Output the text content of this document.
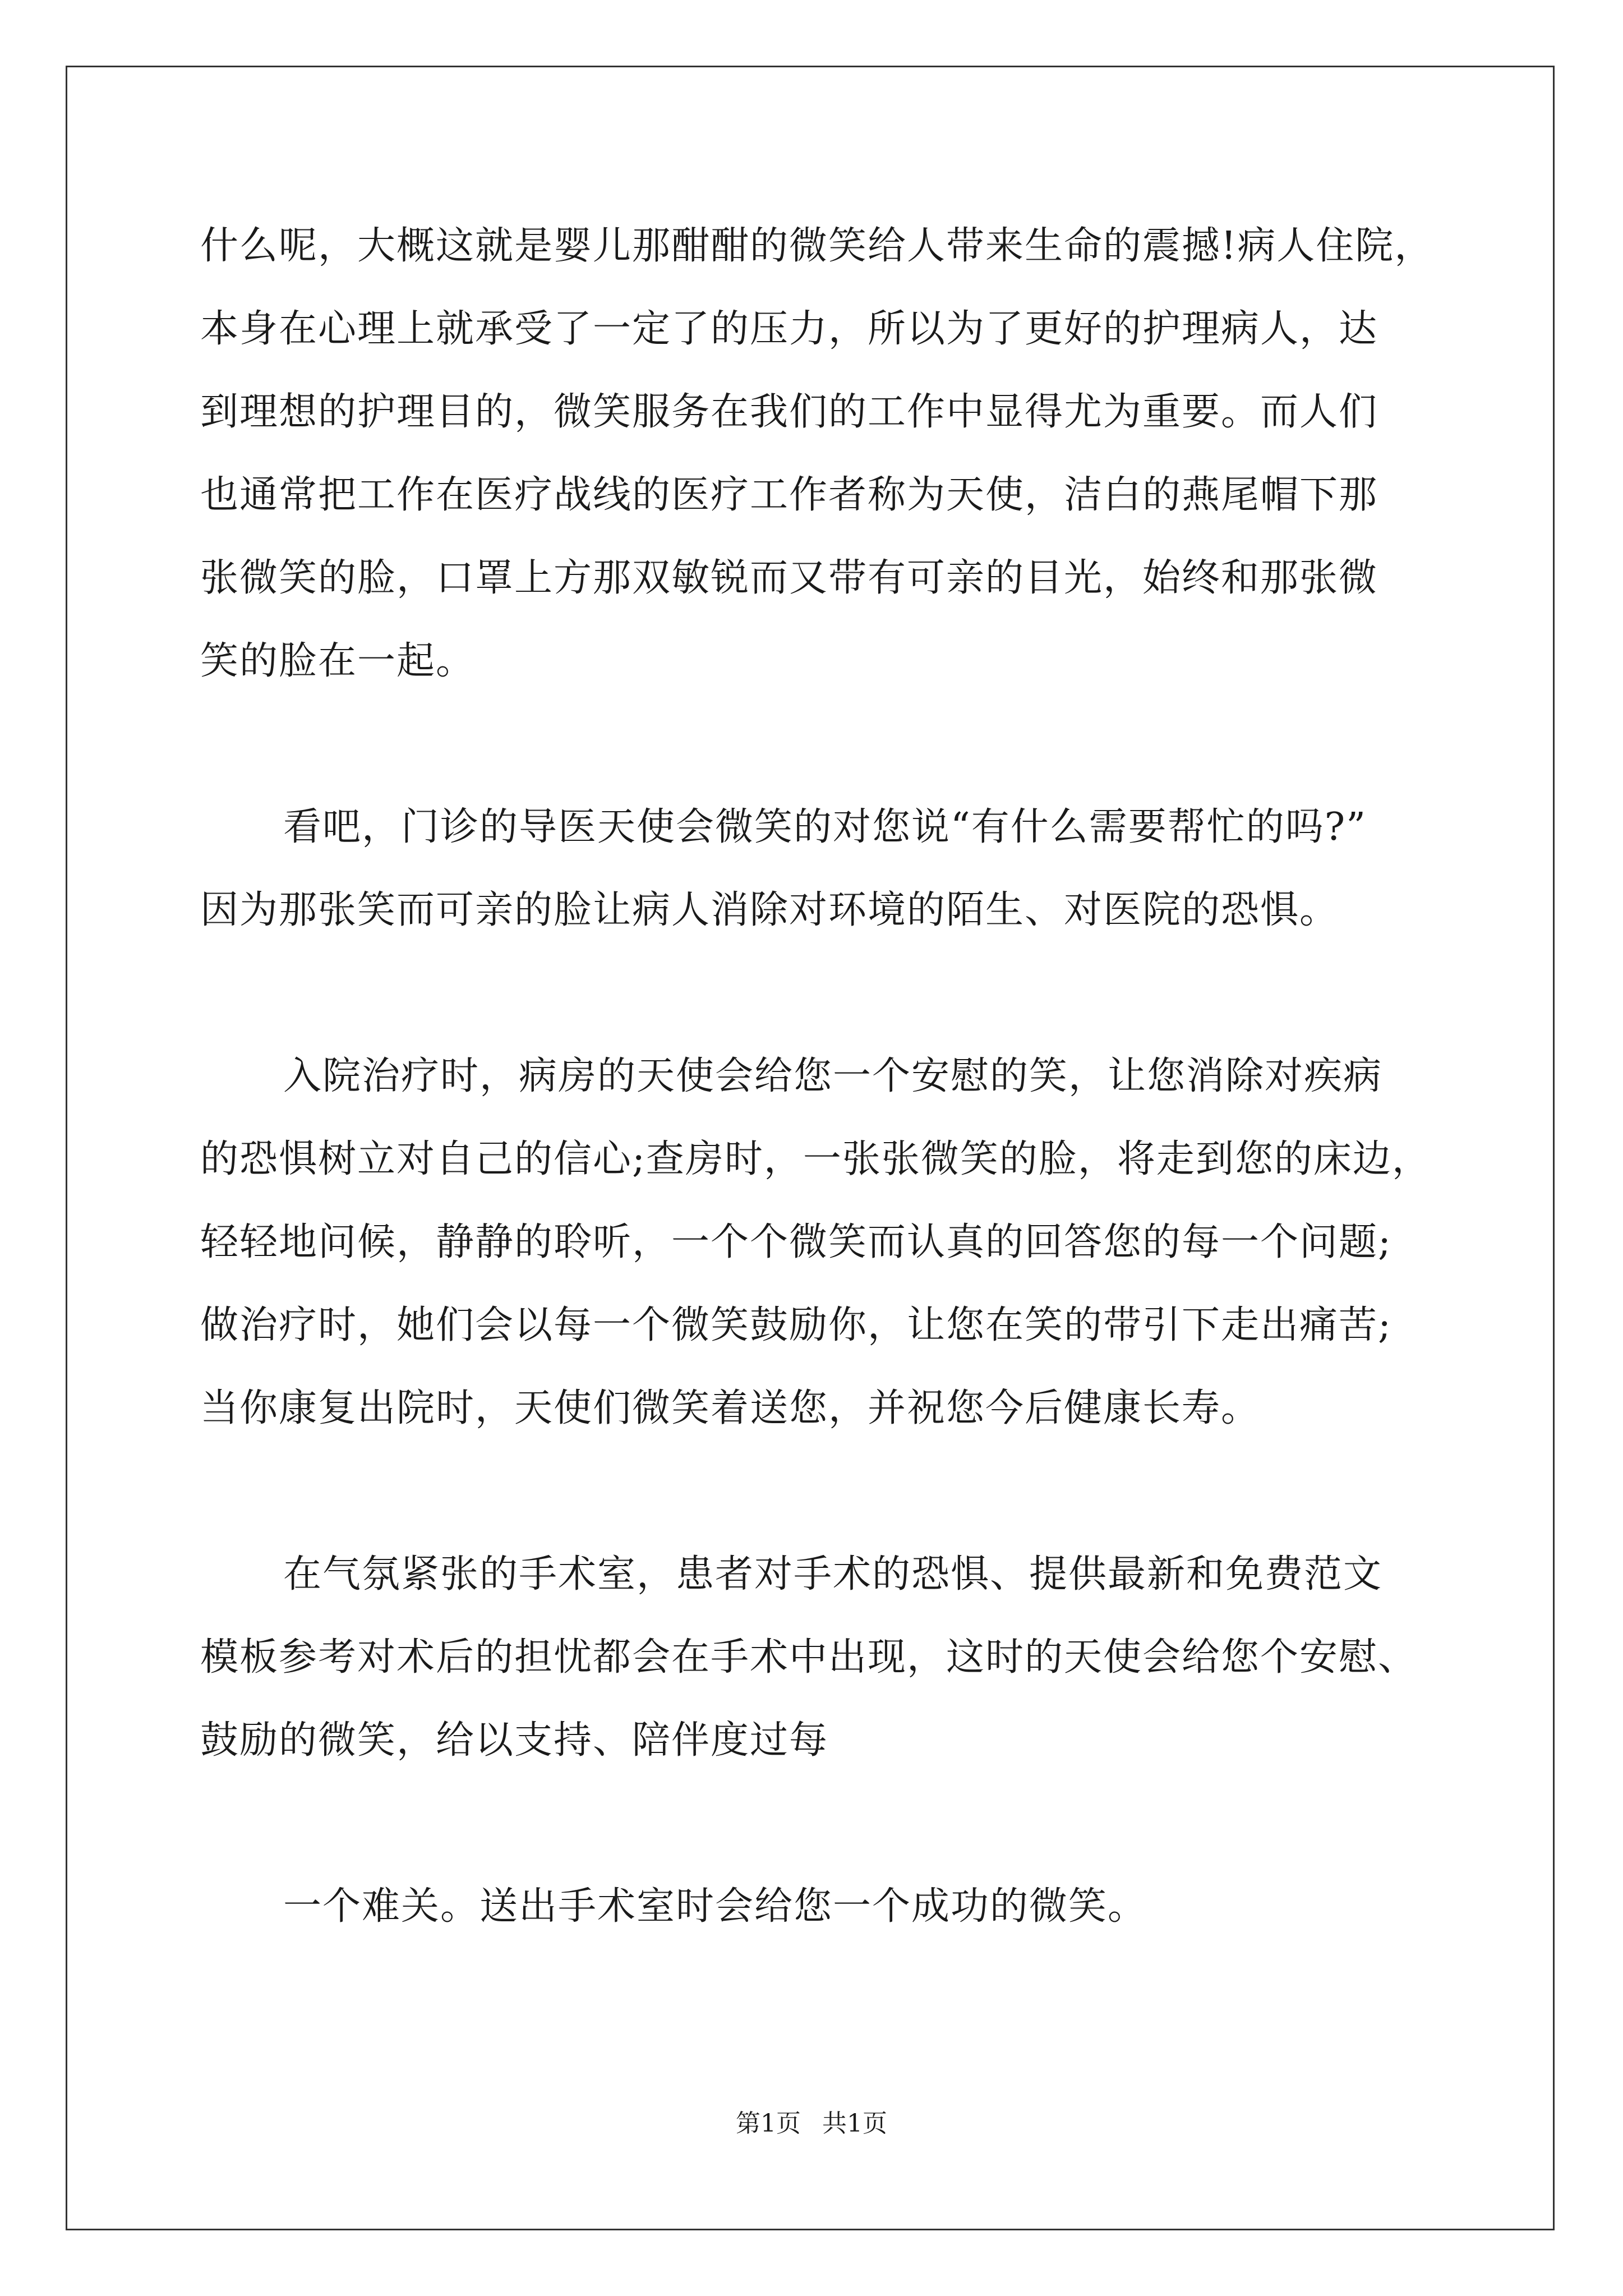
什么呢，大概这就是婴儿那酣酣的微笑给人带来生命的震撼!病人住院，
本身在心理上就承受了一定了的压力，所以为了更好的护理病人，达
到理想的护理目的，微笑服务在我们的工作中显得尤为重要。而人们
也通常把工作在医疗战线的医疗工作者称为天使，洁白的燕尾帽下那
张微笑的脸，口罩上方那双敏锐而又带有可亲的目光，始终和那张微
笑的脸在一起。
看吧，门诊的导医天使会微笑的对您说“有什么需要帮忙的吗?”
因为那张笑而可亲的脸让病人消除对环境的陌生、对医院的恐惧。
入院治疗时，病房的天使会给您一个安慰的笑，让您消除对疾病
的恐惧树立对自己的信心;查房时，一张张微笑的脸，将走到您的床边，
轻轻地问候，静静的聆听，一个个微笑而认真的回答您的每一个问题;
做治疗时，她们会以每一个微笑鼓励你，让您在笑的带引下走出痛苦;
当你康复出院时，天使们微笑着送您，并祝您今后健康长寿。
在气氛紧张的手术室，患者对手术的恐惧、提供最新和免费范文
模板参考对术后的担忧都会在手术中出现，这时的天使会给您个安慰、
鼓励的微笑，给以支持、陪伴度过每
一个难关。送出手术室时会给您一个成功的微笑。
第1页 共1页
